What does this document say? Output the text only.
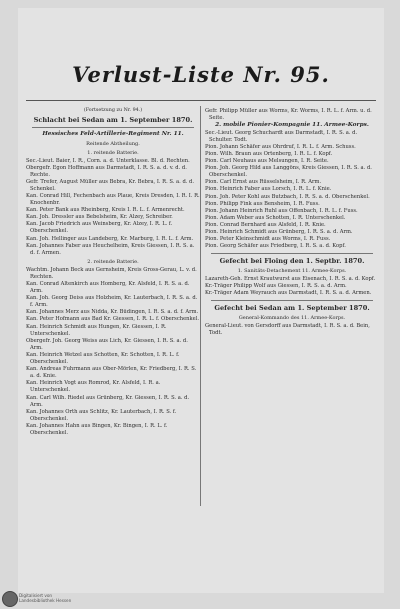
Verlust-Liste Nr. 95.
(Fortsetzung zu Nr. 94.)
Schlacht bei Sedan am 1. September 1870.
Hessisches Feld-Artillerie-Regiment Nr. 11.
Reitende Abtheilung.
1. reitende Batterie.
Sec.-Lieut. Baier, I. R., Corn. a. d. Unterklasse. Bl. d. Rechten.
Obergefr. Egon Hoffmann aus Darmstadt, I. R. S. a. d. v. d. d. Rechte.
Gefr. Trefer, August Müller aus Bebra, Kr. Bebra, I. R. S. a. d. d. Schenkel.
Kan. Conrad Hill, Fechenbach aus Plaue, Kreis Dresden, I. R. I. R. Knochenbr.
Kan. Peter Bank aus Rheinberg, Kreis I. R. L. f. Armenrecht.
Kan. Joh. Dressler aus Bebelsheim, Kr. Alzey, Schreiber.
Kan. Jacob Friedrich aus Weinsberg, Kr. Alzey, I. R. L. f. Oberschenkel.
Kan. Joh. Hellinger aus Landeberg, Kr. Marburg, I. R. L. f. Arm.
Kan. Johannes Faber aus Heuchelheim, Kreis Giessen, I. R. S. a. d. f. Armen.
2. reitende Batterie.
Wachtm. Johann Beck aus Gernsheim, Kreis Gross-Gerau, L. v. d. Rechten.
Kan. Conrad Altenkirch aus Homberg, Kr. Alsfeld, I. R. S. a. d. Arm.
Kan. Joh. Georg Deiss aus Holzheim, Kr. Lauterbach, I. R. S. a. d. f. Arm.
Kan. Johannes Merz aus Nidda, Kr. Büdingen, I. R. S. a. d. f. Arm.
Kan. Peter Hofmann aus Bad Kr. Giessen, I. R. L. f. Oberschenkel.
Kan. Heinrich Schmidt aus Hungen, Kr. Giessen, I. R. Unterschenkel.
Obergefr. Joh. Georg Weiss aus Lich, Kr. Giessen, I. R. S. a. d. Arm.
Kan. Heinrich Wetzel aus Schotten, Kr. Schotten, I. R. L. f. Oberschenkel.
Kan. Andreas Fuhrmann aus Ober-Mörlen, Kr. Friedberg, I. R. S. a. d. Knie.
Kan. Heinrich Vogt aus Romrod, Kr. Alsfeld, I. R. a. Unterschenkel.
Kan. Carl Wilh. Riedel aus Grünberg, Kr. Giessen, I. R. S. a. d. Arm.
Kan. Johannes Orth aus Schlitz, Kr. Lauterbach, I. R. S. f. Oberschenkel.
Kan. Johannes Hahn aus Bingen, Kr. Bingen, I. R. L. f. Oberschenkel.
Gefr. Philipp Müller aus Worms, Kr. Worms, I. R. L. f. Arm. u. d. Seite.
2. mobile Pionier-Kompagnie 11. Armee-Korps.
Sec.-Lieut. Georg Schuchardt aus Darmstadt, I. R. S. a. d. Schulter. Todt.
Pion. Johann Schäfer aus Ohrdruf, I. R. L. f. Arm. Schuss.
Pion. Wilh. Braun aus Ortenberg, I. R. L. f. Kopf.
Pion. Carl Neuhaus aus Melsungen, I. R. Seite.
Pion. Joh. Georg Hild aus Langgöns, Kreis Giessen, I. R. S. a. d. Oberschenkel.
Pion. Carl Ernst aus Rüsselsheim, I. R. Arm.
Pion. Heinrich Faber aus Lorsch, I. R. L. f. Knie.
Pion. Joh. Peter Kohl aus Butzbach, I. R. S. a. d. Oberschenkel.
Pion. Philipp Fink aus Bensheim, I. R. Fuss.
Pion. Johann Heinrich Ruhl aus Offenbach, I. R. L. f. Fuss.
Pion. Adam Weber aus Schotten, I. R. Unterschenkel.
Pion. Conrad Bernhard aus Alsfeld, I. R. Knie.
Pion. Heinrich Schmidt aus Grünberg, I. R. S. a. d. Arm.
Pion. Peter Kleinschmidt aus Worms, I. R. Fuss.
Pion. Georg Schäfer aus Friedberg, I. R. S. a. d. Kopf.
Gefecht bei Floing den 1. Septbr. 1870.
1. Sanitäts-Detachement 11. Armee-Korps.
Lazareth-Geh. Ernst Krautwurst aus Eisenach, I. R. S. a. d. Kopf.
Kr.-Träger Philipp Wolf aus Giessen, I. R. S. a. d. Arm.
Kr.-Träger Adam Weyrauch aus Darmstadt, I. R. S. a. d. Armen.
Gefecht bei Sedan am 1. September 1870.
General-Kommando des 11. Armee-Korps.
General-Lieut. von Gersdorff aus Darmstadt, I. R. S. a. d. Bein, Todt.
Digitalisiert von
Landesbibliothek Hessen
